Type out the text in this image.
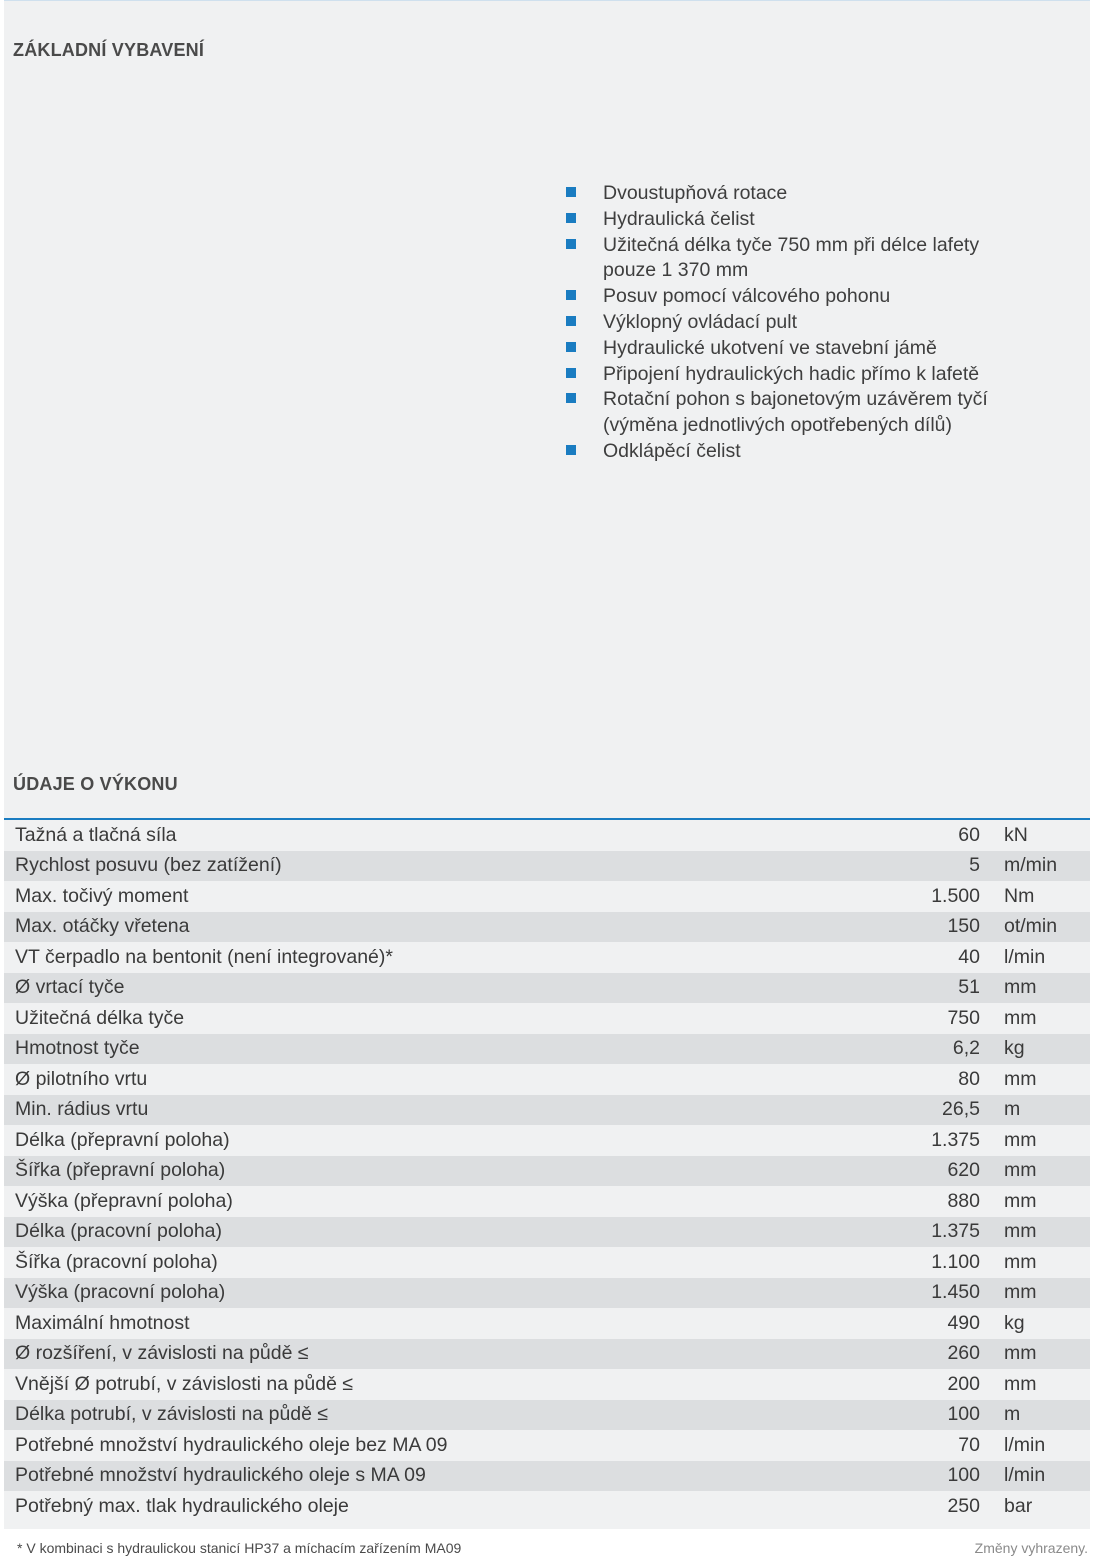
ZÁKLADNÍ VYBAVENÍ
Dvoustupňová rotace
Hydraulická čelist
Užitečná délka tyče 750 mm při délce lafety
pouze 1 370 mm
Posuv pomocí válcového pohonu
Výklopný ovládací pult
Hydraulické ukotvení ve stavební jámě
Připojení hydraulických hadic přímo k lafetě
Rotační pohon s bajonetovým uzávěrem tyčí
(výměna jednotlivých opotřebených dílů)
Odklápěcí čelist
ÚDAJE O VÝKONU
Tažná a tlačná síla	60 kN
Rychlost posuvu (bez zatížení)	5 m/min
Max. točivý moment	1.500 Nm
Max. otáčky vřetena	150 ot/min
VT čerpadlo na bentonit (není integrované)*	40 l/min
Ø vrtací tyče	51 mm
Užitečná délka tyče	750 mm
Hmotnost tyče	6,2 kg
Ø pilotního vrtu	80 mm
Min. rádius vrtu	26,5 m
Délka (přepravní poloha)	1.375 mm
Šířka (přepravní poloha)	620 mm
Výška (přepravní poloha)	880 mm
Délka (pracovní poloha)	1.375 mm
Šířka (pracovní poloha)	1.100 mm
Výška (pracovní poloha)	1.450 mm
Maximální hmotnost	490 kg
Ø rozšíření, v závislosti na půdě ≤	260 mm
Vnější Ø potrubí, v závislosti na půdě ≤	200 mm
Délka potrubí, v závislosti na půdě ≤	100 m
Potřebné množství hydraulického oleje bez MA 09	70 l/min
Potřebné množství hydraulického oleje s MA 09	100 l/min
Potřebný max. tlak hydraulického oleje	250 bar
* V kombinaci s hydraulickou stanicí HP37 a míchacím zařízením MA09	Změny vyhrazeny.
